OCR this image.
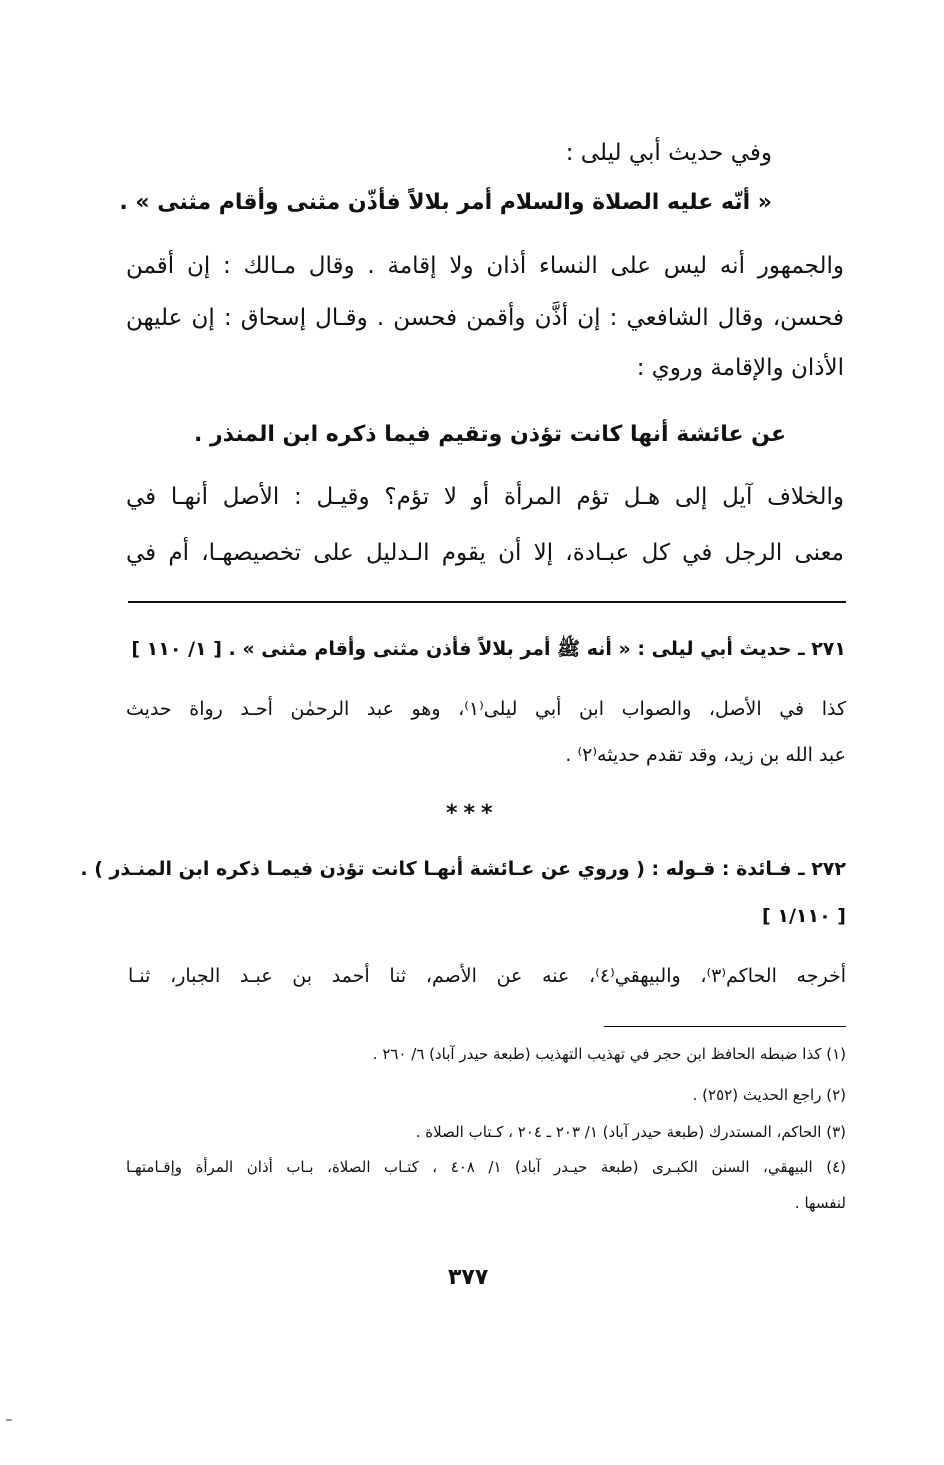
وفي حديث أبي ليلى :
« أنّه عليه الصلاة والسلام أمر بلالاً فأذّن مثنى وأقام مثنى » .
والجمهور أنه ليس على النساء أذان ولا إقامة . وقال مـالك : إن أقمن
فحسن، وقال الشافعي : إن أذَّن وأقمن فحسن . وقـال إسحاق : إن عليهن
الأذان والإقامة وروي :
عن عائشة أنها كانت تؤذن وتقيم فيما ذكره ابن المنذر .
والخلاف آيل إلى هـل تؤم المرأة أو لا تؤم؟ وقيـل : الأصل أنهـا في
معنى الرجل في كل عبـادة، إلا أن يقوم الـدليل على تخصيصهـا، أم في
٢٧١ ـ حديث أبي ليلى : « أنه ﷺ أمر بلالاً فأذن مثنى وأقام مثنى » . [ ١/ ١١٠ ]
كذا في الأصل، والصواب ابن أبي ليلى⁽١⁾، وهو عبد الرحمٰن أحـد رواة حديث
عبد الله بن زيد، وقد تقدم حديثه⁽٢⁾ .
***
٢٧٢ ـ فـائدة : قـوله : ( وروي عن عـائشة أنهـا كانت تؤذن فيمـا ذكره ابن المنـذر ) .
[ ١/١١٠ ]
أخرجه الحاكم⁽٣⁾، والبيهقي⁽٤⁾، عنه عن الأصم، ثنا أحمد بن عبـد الجبار، ثنـا
(١) كذا ضبطه الحافظ ابن حجر في تهذيب التهذيب (طبعة حيدر آباد) ٦/ ٢٦٠ .
(٢) راجع الحديث (٢٥٢) .
(٣) الحاكم، المستدرك (طبعة حيدر آباد) ١/ ٢٠٣ ـ ٢٠٤ ، كـتاب الصلاة .
(٤) البيهقي، السنن الكبـرى (طبعة حيـدر آباد) ١/ ٤٠٨ ، كتـاب الصلاة، بـاب أذان المرأة وإقـامتهـا
لنفسها .
٣٧٧
